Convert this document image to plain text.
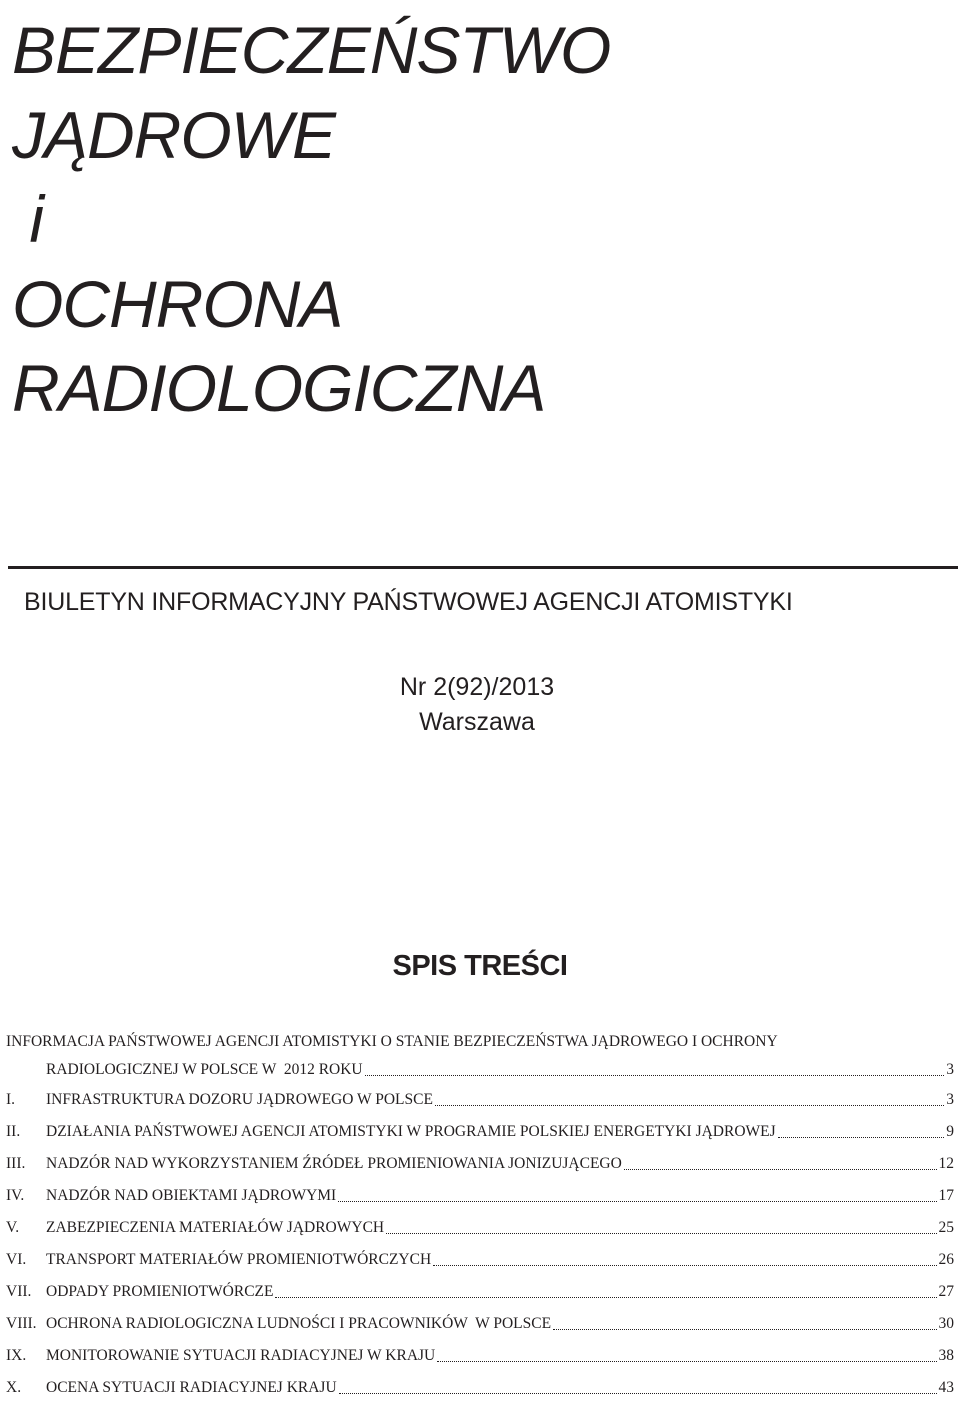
BEZPIECZEŃSTWO
JĄDROWE
i
OCHRONA
RADIOLOGICZNA
BIULETYN INFORMACYJNY PAŃSTWOWEJ AGENCJI ATOMISTYKI
Nr 2(92)/2013
Warszawa
SPIS TREŚCI
INFORMACJA PAŃSTWOWEJ AGENCJI ATOMISTYKI O STANIE BEZPIECZEŃSTWA JĄDROWEGO I OCHRONY
RADIOLOGICZNEJ W POLSCE W  2012 ROKU	3
I.	INFRASTRUKTURA DOZORU JĄDROWEGO W POLSCE	3
II.	DZIAŁANIA PAŃSTWOWEJ AGENCJI ATOMISTYKI W PROGRAMIE POLSKIEJ ENERGETYKI JĄDROWEJ	9
III.	NADZÓR NAD WYKORZYSTANIEM ŹRÓDEŁ PROMIENIOWANIA JONIZUJĄCEGO	12
IV.	NADZÓR NAD OBIEKTAMI JĄDROWYMI	17
V.	ZABEZPIECZENIA MATERIAŁÓW JĄDROWYCH	25
VI.	TRANSPORT MATERIAŁÓW PROMIENIOTWÓRCZYCH	26
VII. ODPADY PROMIENIOTWÓRCZE	27
VIII. OCHRONA RADIOLOGICZNA LUDNOŚCI I PRACOWNIKÓW  W POLSCE	30
IX.	MONITOROWANIE SYTUACJI RADIACYJNEJ W KRAJU	38
X.	OCENA SYTUACJI RADIACYJNEJ KRAJU	43
